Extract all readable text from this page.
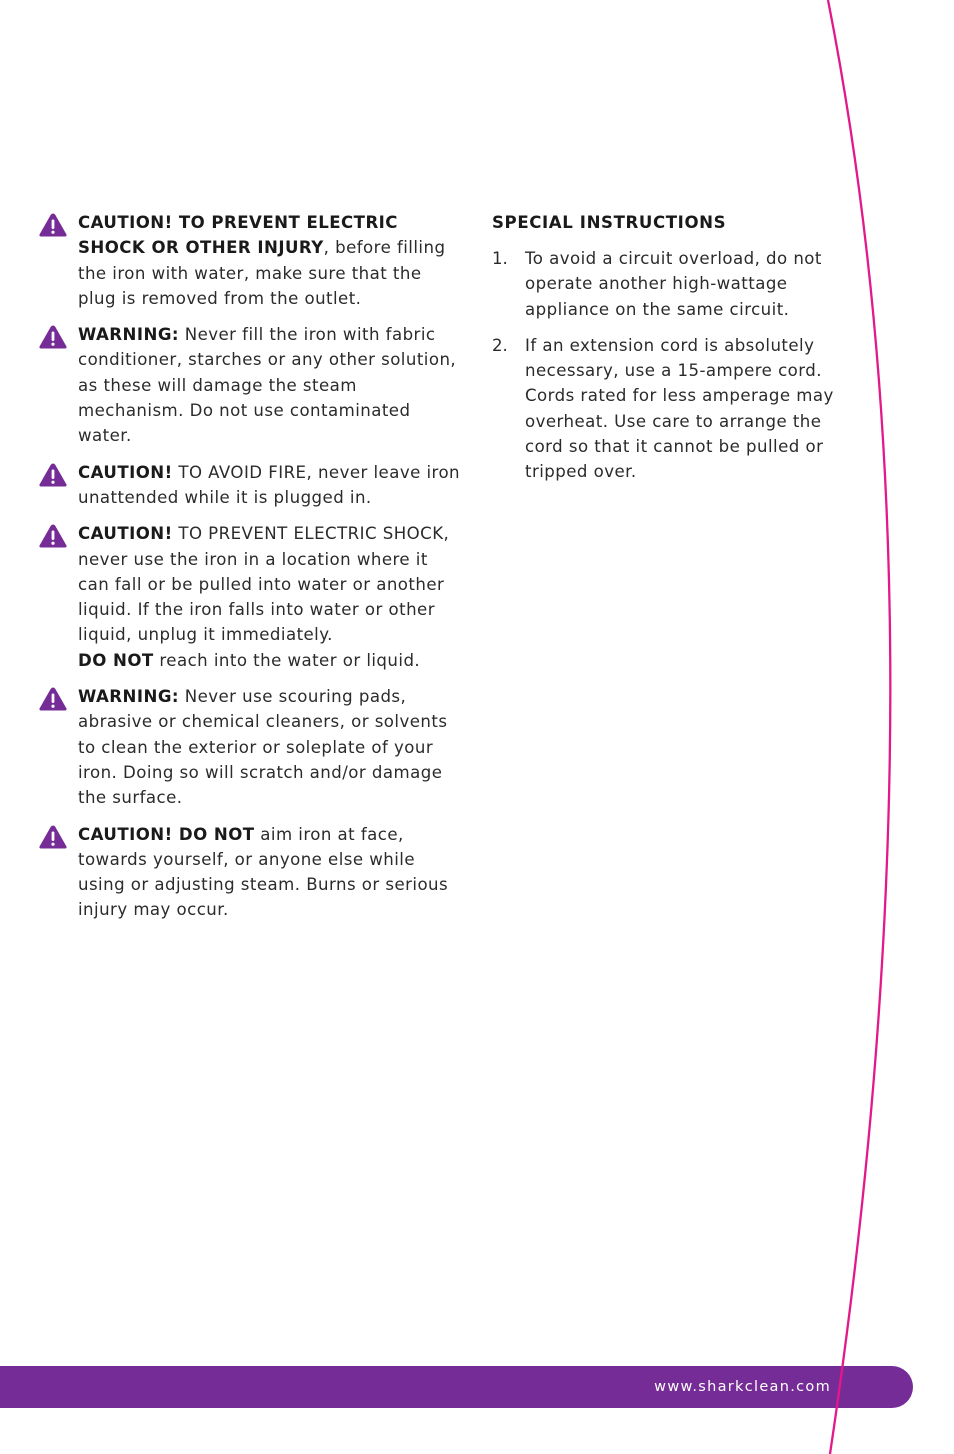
CAUTION! TO PREVENT ELECTRIC SHOCK OR OTHER INJURY, before filling the iron with water, make sure that the plug is removed from the outlet.

WARNING: Never fill the iron with fabric conditioner, starches or any other solution, as these will damage the steam mechanism. Do not use contaminated water.

CAUTION! TO AVOID FIRE, never leave iron unattended while it is plugged in.

CAUTION! TO PREVENT ELECTRIC SHOCK, never use the iron in a location where it can fall or be pulled into water or another liquid. If the iron falls into water or other liquid, unplug it immediately.
DO NOT reach into the water or liquid.

WARNING: Never use scouring pads, abrasive or chemical cleaners, or solvents to clean the exterior or soleplate of your iron. Doing so will scratch and/or damage the surface.

CAUTION! DO NOT aim iron at face, towards yourself, or anyone else while using or adjusting steam. Burns or serious injury may occur.

SPECIAL INSTRUCTIONS
1. To avoid a circuit overload, do not operate another high-wattage appliance on the same circuit.

2. If an extension cord is absolutely necessary, use a 15-ampere cord. Cords rated for less amperage may overheat. Use care to arrange the cord so that it cannot be pulled or tripped over.

www.sharkclean.com
